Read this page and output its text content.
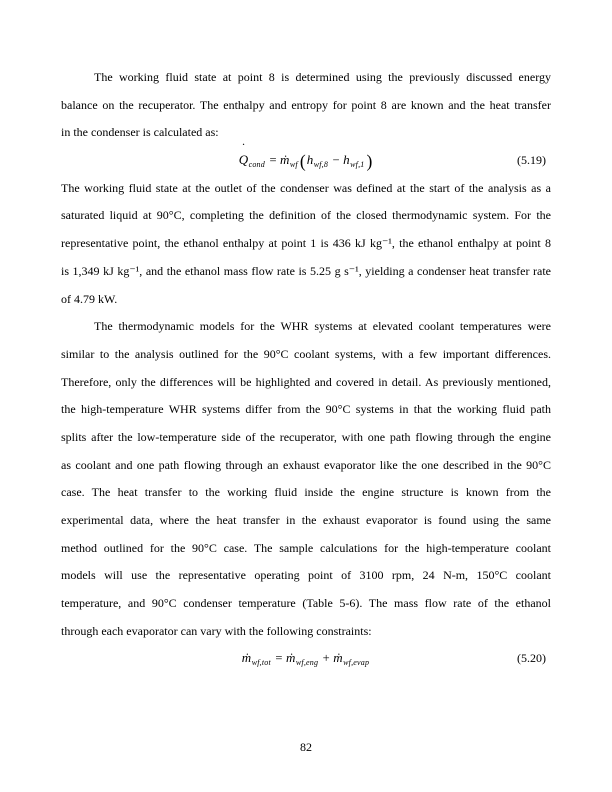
The working fluid state at point 8 is determined using the previously discussed energy
balance on the recuperator. The enthalpy and entropy for point 8 are known and the heat transfer
in the condenser is calculated as:
Q $˙_{cond}$ = ṁ$_{wf}$ ($h_{wf,8} - h_{wf,1}$ )	(5.19)
The working fluid state at the outlet of the condenser was defined at the start of the analysis as a
saturated liquid at 90°C, completing the definition of the closed thermodynamic system. For the
representative point, the ethanol enthalpy at point 1 is 436 kJ kg⁻¹, the ethanol enthalpy at point 8
is 1,349 kJ kg⁻¹, and the ethanol mass flow rate is 5.25 g s⁻¹, yielding a condenser heat transfer rate
of 4.79 kW.
The thermodynamic models for the WHR systems at elevated coolant temperatures were
similar to the analysis outlined for the 90°C coolant systems, with a few important differences.
Therefore, only the differences will be highlighted and covered in detail. As previously mentioned,
the high-temperature WHR systems differ from the 90°C systems in that the working fluid path
splits after the low-temperature side of the recuperator, with one path flowing through the engine
as coolant and one path flowing through an exhaust evaporator like the one described in the 90°C
case. The heat transfer to the working fluid inside the engine structure is known from the
experimental data, where the heat transfer in the exhaust evaporator is found using the same
method outlined for the 90°C case. The sample calculations for the high-temperature coolant
models will use the representative operating point of 3100 rpm, 24 N-m, 150°C coolant
temperature, and 90°C condenser temperature (Table 5-6). The mass flow rate of the ethanol
through each evaporator can vary with the following constraints:
ṁ$_{wf,tot}$ = ṁ$_{wf,eng}$ + ṁ$_{wf,evap}$	(5.20)
82
